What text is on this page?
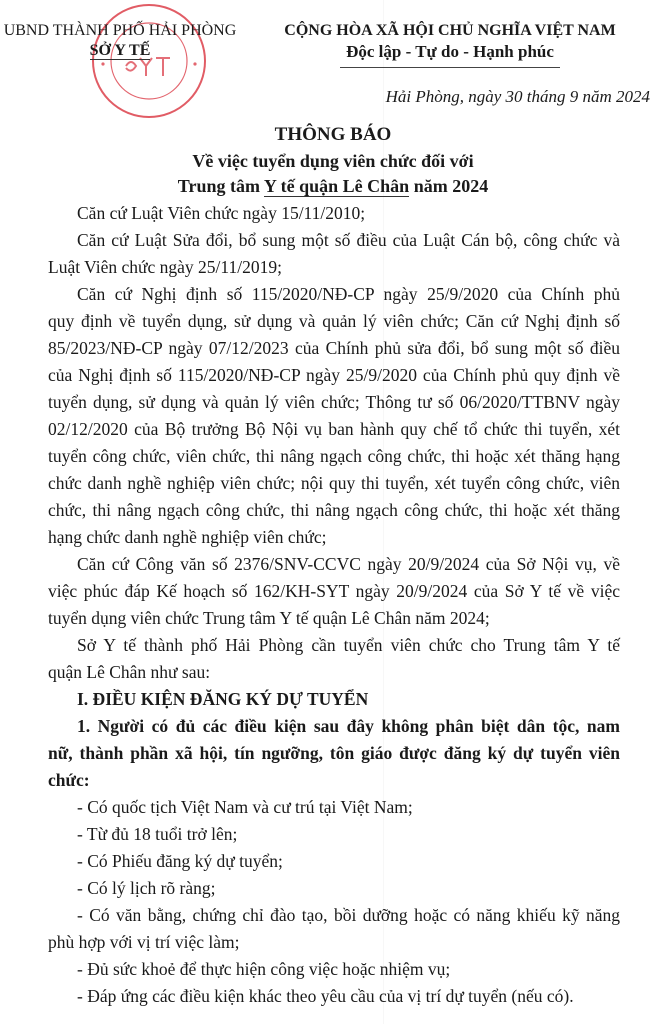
UBND THÀNH PHỐ HẢI PHÒNG
SỞ Y TẾ
CỘNG HÒA XÃ HỘI CHỦ NGHĨA VIỆT NAM
Độc lập - Tự do - Hạnh phúc
Hải Phòng, ngày 30 tháng 9 năm 2024
THÔNG BÁO
Về việc tuyển dụng viên chức đối với
Trung tâm Y tế quận Lê Chân năm 2024
Căn cứ Luật Viên chức ngày 15/11/2010;
Căn cứ Luật Sửa đổi, bổ sung một số điều của Luật Cán bộ, công chức và
Luật Viên chức ngày 25/11/2019;
Căn cứ Nghị định số 115/2020/NĐ-CP ngày 25/9/2020 của Chính phủ
quy định về tuyển dụng, sử dụng và quản lý viên chức; Căn cứ Nghị định số
85/2023/NĐ-CP ngày 07/12/2023 của Chính phủ sửa đổi, bổ sung một số điều
của Nghị định số 115/2020/NĐ-CP ngày 25/9/2020 của Chính phủ quy định về
tuyển dụng, sử dụng và quản lý viên chức; Thông tư số 06/2020/TTBNV ngày
02/12/2020 của Bộ trưởng Bộ Nội vụ ban hành quy chế tổ chức thi tuyển, xét
tuyển công chức, viên chức, thi nâng ngạch công chức, thi hoặc xét thăng hạng
chức danh nghề nghiệp viên chức; nội quy thi tuyển, xét tuyển công chức, viên
chức, thi nâng ngạch công chức, thi nâng ngạch công chức, thi hoặc xét thăng
hạng chức danh nghề nghiệp viên chức;
Căn cứ Công văn số 2376/SNV-CCVC ngày 20/9/2024 của Sở Nội vụ, về
việc phúc đáp Kế hoạch số 162/KH-SYT ngày 20/9/2024 của Sở Y tế về việc
tuyển dụng viên chức Trung tâm Y tế quận Lê Chân năm 2024;
Sở Y tế thành phố Hải Phòng cần tuyển viên chức cho Trung tâm Y tế
quận Lê Chân như sau:
I. ĐIỀU KIỆN ĐĂNG KÝ DỰ TUYỂN
1. Người có đủ các điều kiện sau đây không phân biệt dân tộc, nam
nữ, thành phần xã hội, tín ngưỡng, tôn giáo được đăng ký dự tuyển viên
chức:
- Có quốc tịch Việt Nam và cư trú tại Việt Nam;
- Từ đủ 18 tuổi trở lên;
- Có Phiếu đăng ký dự tuyển;
- Có lý lịch rõ ràng;
- Có văn bằng, chứng chỉ đào tạo, bồi dưỡng hoặc có năng khiếu kỹ năng
phù hợp với vị trí việc làm;
- Đủ sức khoẻ để thực hiện công việc hoặc nhiệm vụ;
- Đáp ứng các điều kiện khác theo yêu cầu của vị trí dự tuyển (nếu có).
